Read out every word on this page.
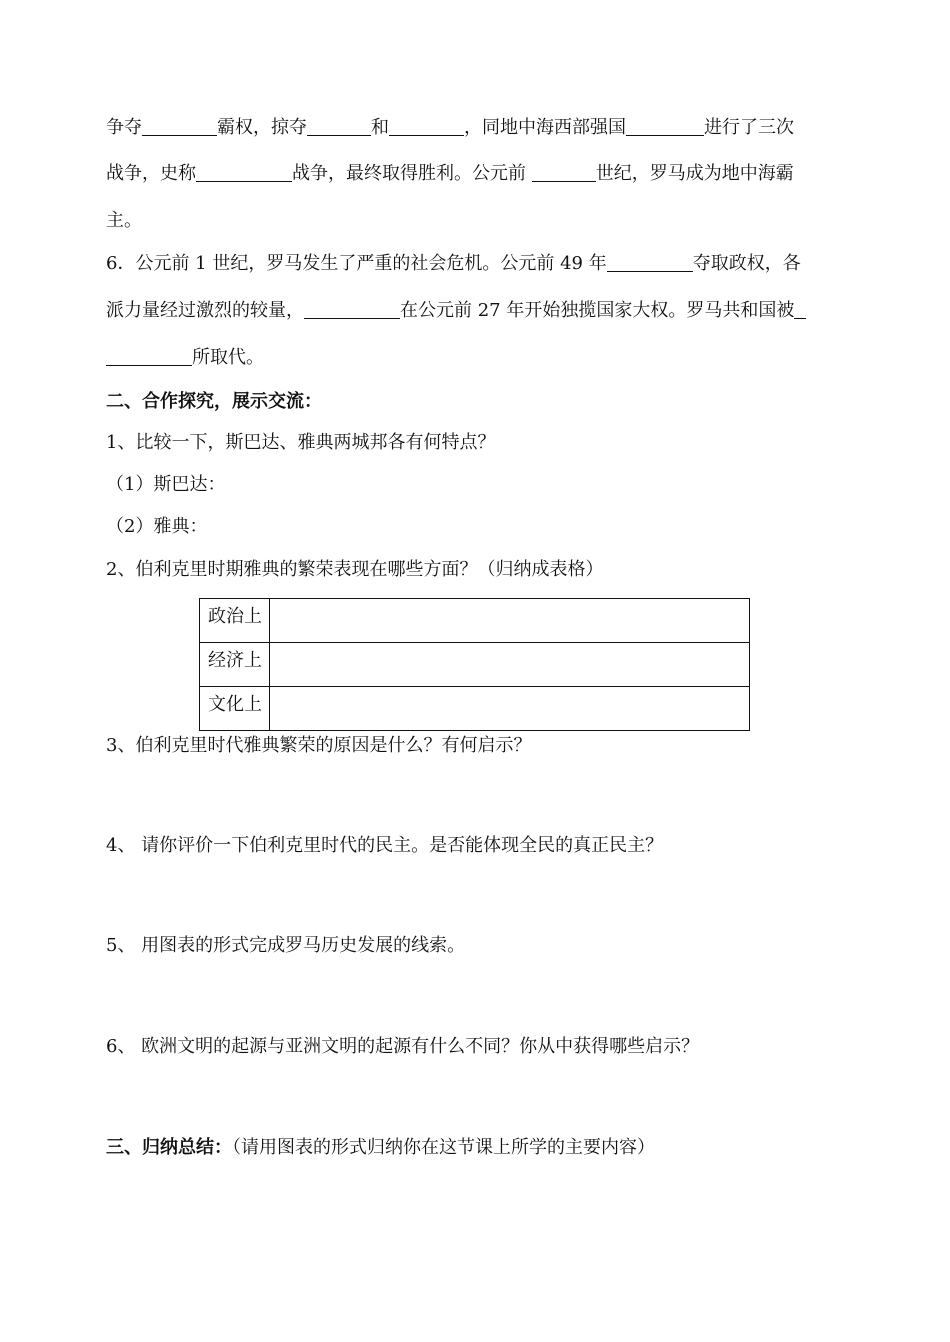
争夺	霸权，掠夺	和	，同地中海西部强国	进行了三次
战争，史称	战争，最终取得胜利。公元前	世纪，罗马成为地中海霸
主。
6．公元前 1 世纪，罗马发生了严重的社会危机。公元前 49 年	夺取政权，各
派力量经过激烈的较量，	在公元前 27 年开始独揽国家大权。罗马共和国被
所取代。
二、合作探究，展示交流：
1、比较一下，斯巴达、雅典两城邦各有何特点？
（1）斯巴达：
（2）雅典：
2、伯利克里时期雅典的繁荣表现在哪些方面？（归纳成表格）
政治上	
经济上	
文化上	
3、伯利克里时代雅典繁荣的原因是什么？有何启示？
4、 请你评价一下伯利克里时代的民主。是否能体现全民的真正民主？
5、 用图表的形式完成罗马历史发展的线索。
6、 欧洲文明的起源与亚洲文明的起源有什么不同？你从中获得哪些启示？
三、归纳总结：（请用图表的形式归纳你在这节课上所学的主要内容）
